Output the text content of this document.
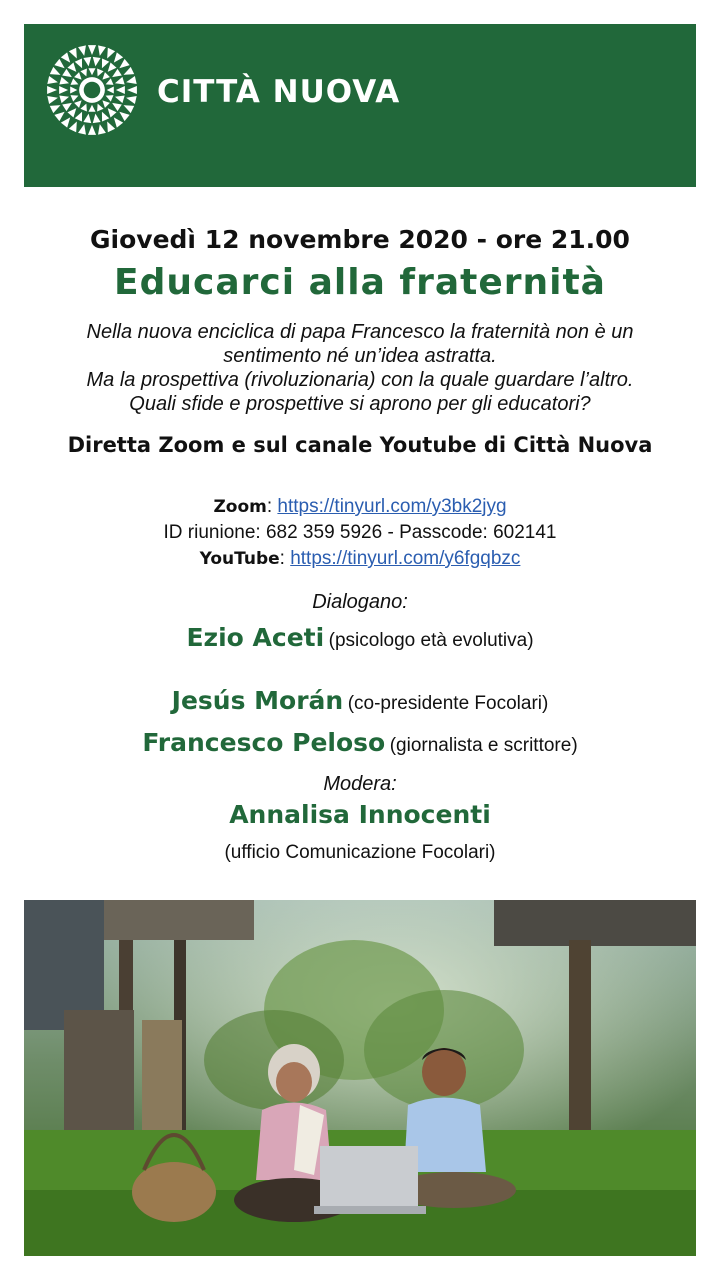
CITTÀ NUOVA
Giovedì 12 novembre 2020 - ore 21.00
Educarci alla fraternità
Nella nuova enciclica di papa Francesco la fraternità non è un
sentimento né un’idea astratta.
Ma la prospettiva (rivoluzionaria) con la quale guardare l’altro.
Quali sfide e prospettive si aprono per gli educatori?
Diretta Zoom e sul canale Youtube di Città Nuova
Zoom: https://tinyurl.com/y3bk2jyg
ID riunione: 682 359 5926 - Passcode: 602141
YouTube: https://tinyurl.com/y6fgqbzc
Dialogano:
Ezio Aceti (psicologo età evolutiva)
Jesús Morán (co-presidente Focolari)
Francesco Peloso (giornalista e scrittore)
Modera:
Annalisa Innocenti
(ufficio Comunicazione Focolari)
